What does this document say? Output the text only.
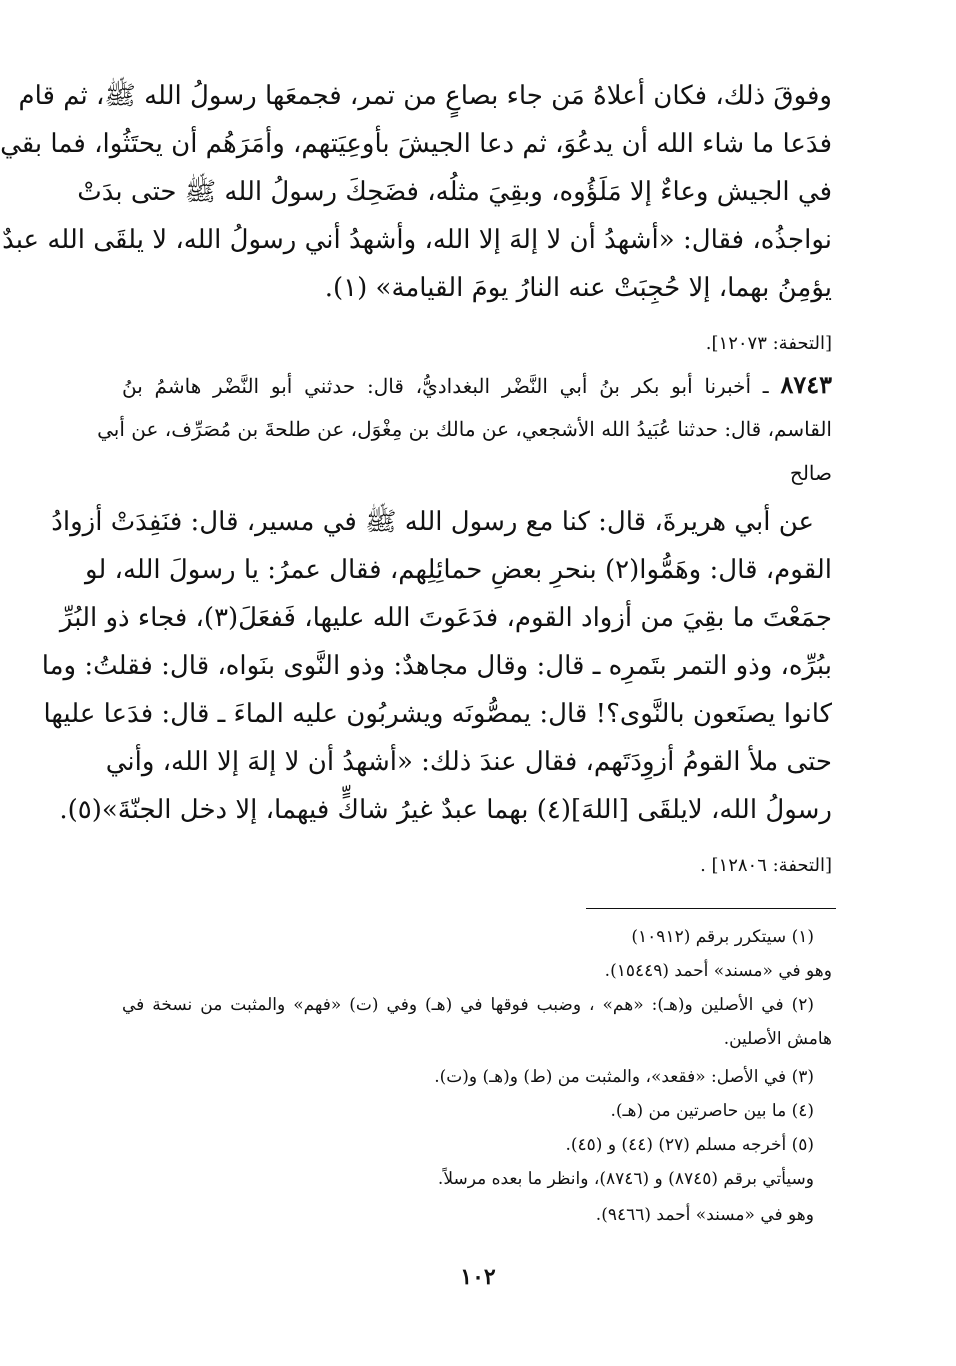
وفوقَ ذلك، فكان أعلاهُ مَن جاء بصاعٍ من تمر، فجمعَها رسولُ الله ﷺ، ثم قام
فدَعا ما شاء الله أن يدعُوَ، ثم دعا الجيشَ بأوعِيَتهم، وأمَرَهُم أن يحتَثُوا، فما بقي
في الجيش وعاءٌ إلا مَلَؤُوه، وبقِيَ مثلُه، فضَحِكَ رسولُ الله ﷺ حتى بدَتْ
نواجذُه، فقال: «أشهدُ أن لا إلهَ إلا الله، وأشهدُ أني رسولُ الله، لا يلقَى الله عبدٌ
يؤمِنُ بهما، إلا حُجِبَتْ عنه النارُ يومَ القيامة» (١).
[التحفة: ١٢٠٧٣].
٨٧٤٣ ـ أخبرنا أبو بكر بنُ أبي النَّضْر البغداديُّ، قال: حدثني أبو النَّضْر هاشمُ بنُ
القاسم، قال: حدثنا عُبَيدُ الله الأشجعي، عن مالك بن مِغْوَل، عن طلحةَ بن مُصَرِّف، عن أبي
صالح
عن أبي هريرةَ، قال: كنا مع رسول الله ﷺ في مسير، قال: فنَفِدَتْ أزوادُ
القوم، قال: وهَمُّوا(٢) بنحرِ بعضِ حمائِلِهم، فقال عمرُ: يا رسولَ الله، لو
جمَعْتَ ما بقِيَ من أزواد القوم، فدَعَوتَ الله عليها، فَفعَلَ(٣)، فجاء ذو البُرِّ
ببُرِّه، وذو التمر بتَمرِه ـ قال: وقال مجاهدٌ: وذو النَّوى بنَواه، قال: فقلتُ: وما
كانوا يصنَعون بالنَّوى؟! قال: يمصُّونَه ويشربُون عليه الماءَ ـ قال: فدَعا عليها
حتى ملأ القومُ أزوِدَتَهم، فقال عندَ ذلك: «أشهدُ أن لا إلهَ إلا الله، وأني
رسولُ الله، لايلقَى [اللهَ](٤) بهما عبدٌ غيرُ شاكٍّ فيهما، إلا دخل الجنّةَ»(٥).
[التحفة: ١٢٨٠٦] .
(١) سيتكرر برقم (١٠٩١٢)
وهو في «مسند» أحمد (١٥٤٤٩).
(٢) في الأصلين و(هـ): «هم» ، وضبب فوقها في (هـ) وفي (ت) «فهم» والمثبت من نسخة في
هامش الأصلين.
(٣) في الأصل: «فقعد»، والمثبت من (ط) و(هـ) و(ت).
(٤) ما بين حاصرتين من (هـ).
(٥) أخرجه مسلم (٢٧) (٤٤) و (٤٥).
وسيأتي برقم (٨٧٤٥) و (٨٧٤٦)، وانظر ما بعده مرسلاً.
وهو في «مسند» أحمد (٩٤٦٦).
١٠٢
